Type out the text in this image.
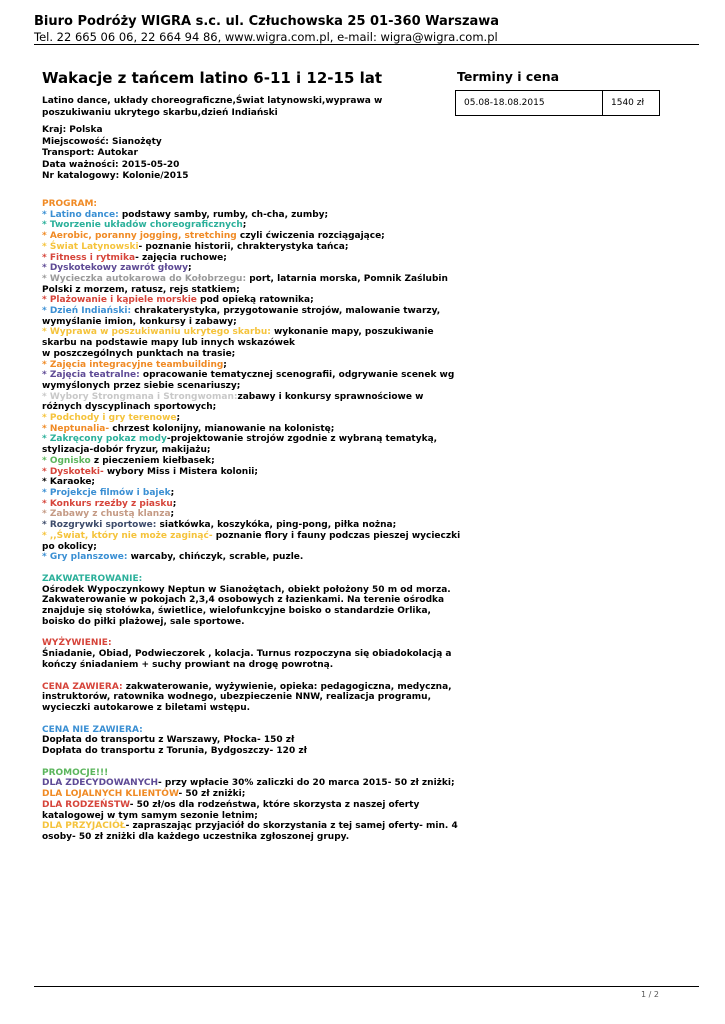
Biuro Podróży WIGRA s.c. ul. Człuchowska 25 01-360 Warszawa
Tel. 22 665 06 06, 22 664 94 86, www.wigra.com.pl, e-mail: wigra@wigra.com.pl
Wakacje z tańcem latino 6-11 i 12-15 lat
Latino dance, układy choreograficzne,Świat latynowski,wyprawa w poszukiwaniu ukrytego skarbu,dzień Indiański
Kraj: Polska
Miejscowość: Sianożęty
Transport: Autokar
Data ważności: 2015-05-20
Nr katalogowy: Kolonie/2015
Terminy i cena
05.08-18.08.2015	1540 zł
PROGRAM:
* Latino dance: podstawy samby, rumby, ch-cha, zumby;
* Tworzenie układów choreograficznych;
* Aerobic, poranny jogging, stretching czyli ćwiczenia rozciągające;
* Świat Latynowski- poznanie historii, chrakterystyka tańca;
* Fitness i rytmika- zajęcia ruchowe;
* Dyskotekowy zawrót głowy;
* Wycieczka autokarowa do Kołobrzegu: port, latarnia morska, Pomnik Zaślubin
Polski z morzem, ratusz, rejs statkiem;
* Plażowanie i kąpiele morskie pod opieką ratownika;
* Dzień Indiański: chrakaterystyka, przygotowanie strojów, malowanie twarzy,
wymyślanie imion, konkursy i zabawy;
* Wyprawa w poszukiwaniu ukrytego skarbu: wykonanie mapy, poszukiwanie
skarbu na podstawie mapy lub innych wskazówek
w poszczególnych punktach na trasie;
* Zajęcia integracyjne teambuilding;
* Zajęcia teatralne: opracowanie tematycznej scenografii, odgrywanie scenek wg
wymyślonych przez siebie scenariuszy;
* Wybory Strongmana i Strongwoman:zabawy i konkursy sprawnościowe w
różnych dyscyplinach sportowych;
* Podchody i gry terenowe;
* Neptunalia- chrzest kolonijny, mianowanie na kolonistę;
* Zakręcony pokaz mody-projektowanie strojów zgodnie z wybraną tematyką,
stylizacja-dobór fryzur, makijażu;
* Ognisko z pieczeniem kiełbasek;
* Dyskoteki- wybory Miss i Mistera kolonii;
* Karaoke;
* Projekcje filmów i bajek;
* Konkurs rzeźby z piasku;
* Zabawy z chustą klanza;
* Rozgrywki sportowe: siatkówka, koszykóka, ping-pong, piłka nożna;
* ,,Świat, który nie może zaginąć- poznanie flory i fauny podczas pieszej wycieczki
po okolicy;
* Gry planszowe: warcaby, chińczyk, scrable, puzle.
ZAKWATEROWANIE:
Ośrodek Wypoczynkowy Neptun w Sianożętach, obiekt położony 50 m od morza.
Zakwaterowanie w pokojach 2,3,4 osobowych z łazienkami. Na terenie ośrodka
znajduje się stołówka, świetlice, wielofunkcyjne boisko o standardzie Orlika,
boisko do piłki plażowej, sale sportowe.
WYŻYWIENIE:
Śniadanie, Obiad, Podwieczorek , kolacja. Turnus rozpoczyna się obiadokolacją a
kończy śniadaniem + suchy prowiant na drogę powrotną.
CENA ZAWIERA: zakwaterowanie, wyżywienie, opieka: pedagogiczna, medyczna,
instruktorów, ratownika wodnego, ubezpieczenie NNW, realizacja programu,
wycieczki autokarowe z biletami wstępu.
CENA NIE ZAWIERA:
Dopłata do transportu z Warszawy, Płocka- 150 zł
Dopłata do transportu z Torunia, Bydgoszczy- 120 zł
PROMOCJE!!!
DLA ZDECYDOWANYCH- przy wpłacie 30% zaliczki do 20 marca 2015- 50 zł zniżki;
DLA LOJALNYCH KLIENTÓW- 50 zł zniżki;
DLA RODZEŃSTW- 50 zł/os dla rodzeństwa, które skorzysta z naszej oferty
katalogowej w tym samym sezonie letnim;
DLA PRZYJACIÓŁ- zapraszając przyjaciół do skorzystania z tej samej oferty- min. 4
osoby- 50 zł zniżki dla każdego uczestnika zgłoszonej grupy.
1 / 2
